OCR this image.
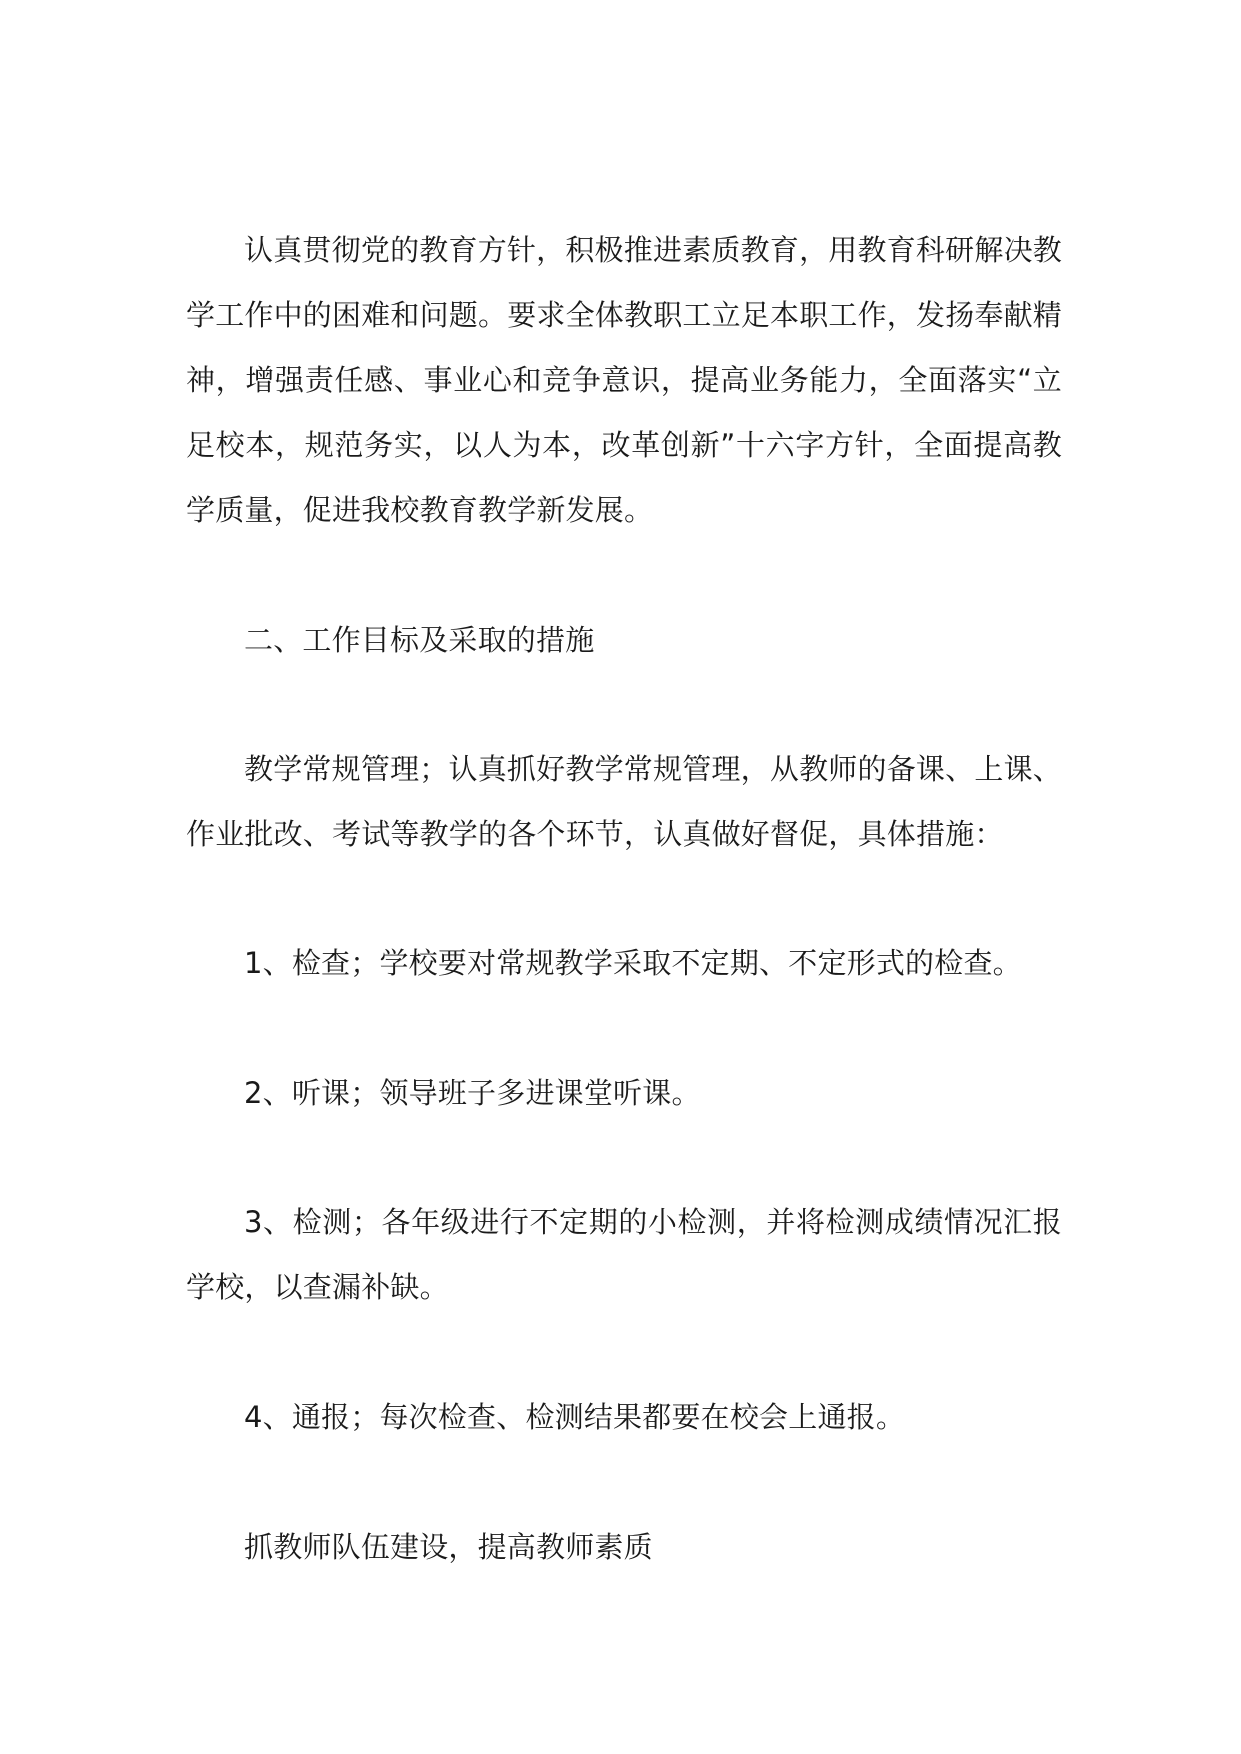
认真贯彻党的教育方针，积极推进素质教育，用教育科研解决教学工作中的困难和问题。要求全体教职工立足本职工作，发扬奉献精神，增强责任感、事业心和竞争意识，提高业务能力，全面落实“立足校本，规范务实，以人为本，改革创新”十六字方针，全面提高教学质量，促进我校教育教学新发展。

二、工作目标及采取的措施

教学常规管理；认真抓好教学常规管理，从教师的备课、上课、作业批改、考试等教学的各个环节，认真做好督促，具体措施：

1、检查；学校要对常规教学采取不定期、不定形式的检查。

2、听课；领导班子多进课堂听课。

3、检测；各年级进行不定期的小检测，并将检测成绩情况汇报学校，以查漏补缺。

4、通报；每次检查、检测结果都要在校会上通报。

抓教师队伍建设，提高教师素质
